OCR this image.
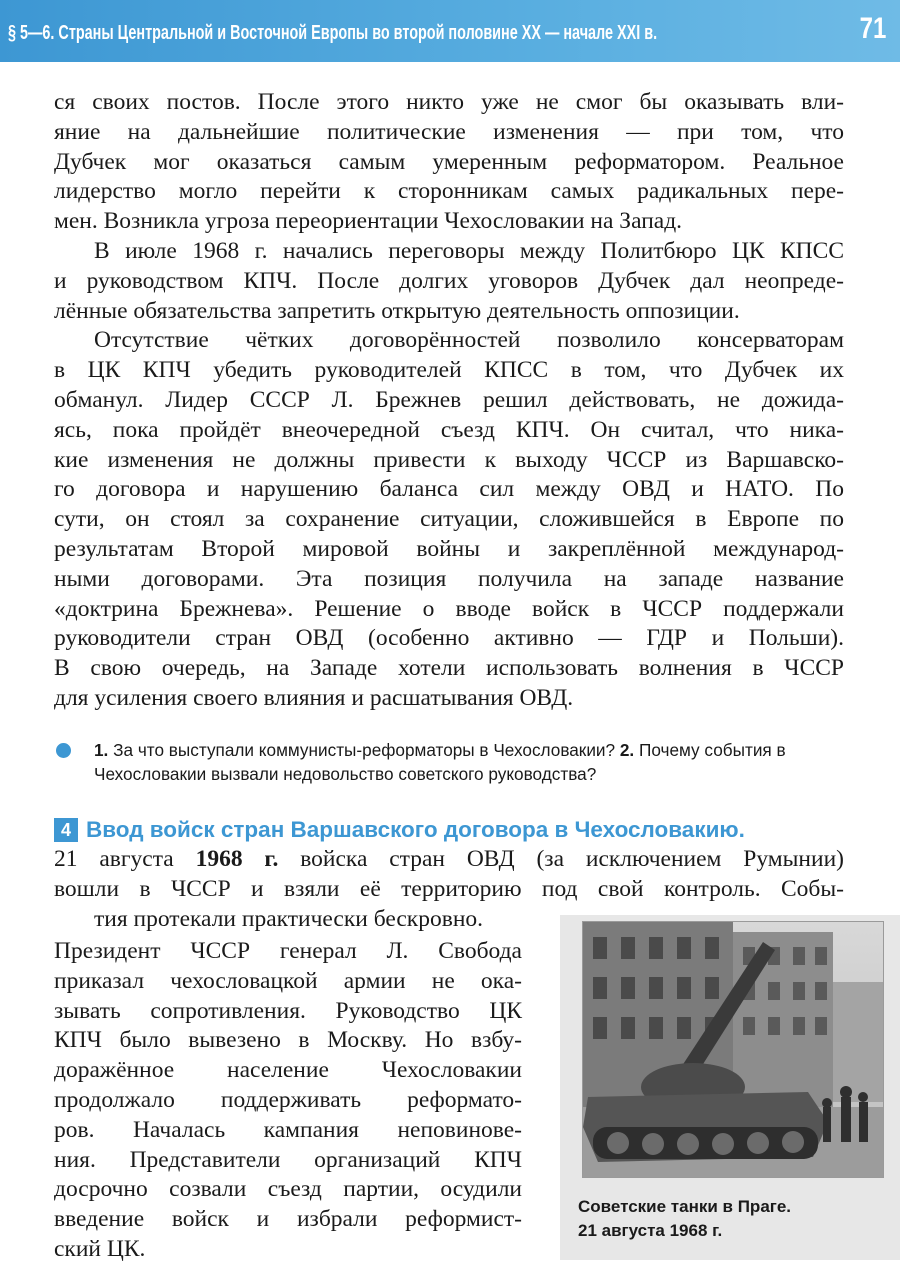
§ 5—6. Страны Центральной и Восточной Европы во второй половине XX — начале XXI в.	71
ся своих постов. После этого никто уже не смог бы оказывать вли-
яние на дальнейшие политические изменения — при том, что
Дубчек мог оказаться самым умеренным реформатором. Реальное
лидерство могло перейти к сторонникам самых радикальных пере-
мен. Возникла угроза переориентации Чехословакии на Запад.
В июле 1968 г. начались переговоры между Политбюро ЦК КПСС
и руководством КПЧ. После долгих уговоров Дубчек дал неопреде-
лённые обязательства запретить открытую деятельность оппозиции.
Отсутствие чётких договорённостей позволило консерваторам
в ЦК КПЧ убедить руководителей КПСС в том, что Дубчек их
обманул. Лидер СССР Л. Брежнев решил действовать, не дожида-
ясь, пока пройдёт внеочередной съезд КПЧ. Он считал, что ника-
кие изменения не должны привести к выходу ЧССР из Варшавско-
го договора и нарушению баланса сил между ОВД и НАТО. По
сути, он стоял за сохранение ситуации, сложившейся в Европе по
результатам Второй мировой войны и закреплённой международ-
ными договорами. Эта позиция получила на западе название
«доктрина Брежнева». Решение о вводе войск в ЧССР поддержали
руководители стран ОВД (особенно активно — ГДР и Польши).
В свою очередь, на Западе хотели использовать волнения в ЧССР
для усиления своего влияния и расшатывания ОВД.
1. За что выступали коммунисты-реформаторы в Чехословакии? 2. Почему события в Чехословакии вызвали недовольство советского руководства?
4 Ввод войск стран Варшавского договора в Чехословакию.
21 августа 1968 г. войска стран ОВД (за исключением Румынии)
вошли в ЧССР и взяли её территорию под свой контроль. Собы-
тия протекали практически бескровно.
Президент ЧССР генерал Л. Свобода
приказал чехословацкой армии не ока-
зывать сопротивления. Руководство ЦК
КПЧ было вывезено в Москву. Но взбу-
доражённое население Чехословакии
продолжало поддерживать реформато-
ров. Началась кампания неповинове-
ния. Представители организаций КПЧ
досрочно созвали съезд партии, осудили
введение войск и избрали реформист-
ский ЦК.
Советские танки в Праге.
21 августа 1968 г.
